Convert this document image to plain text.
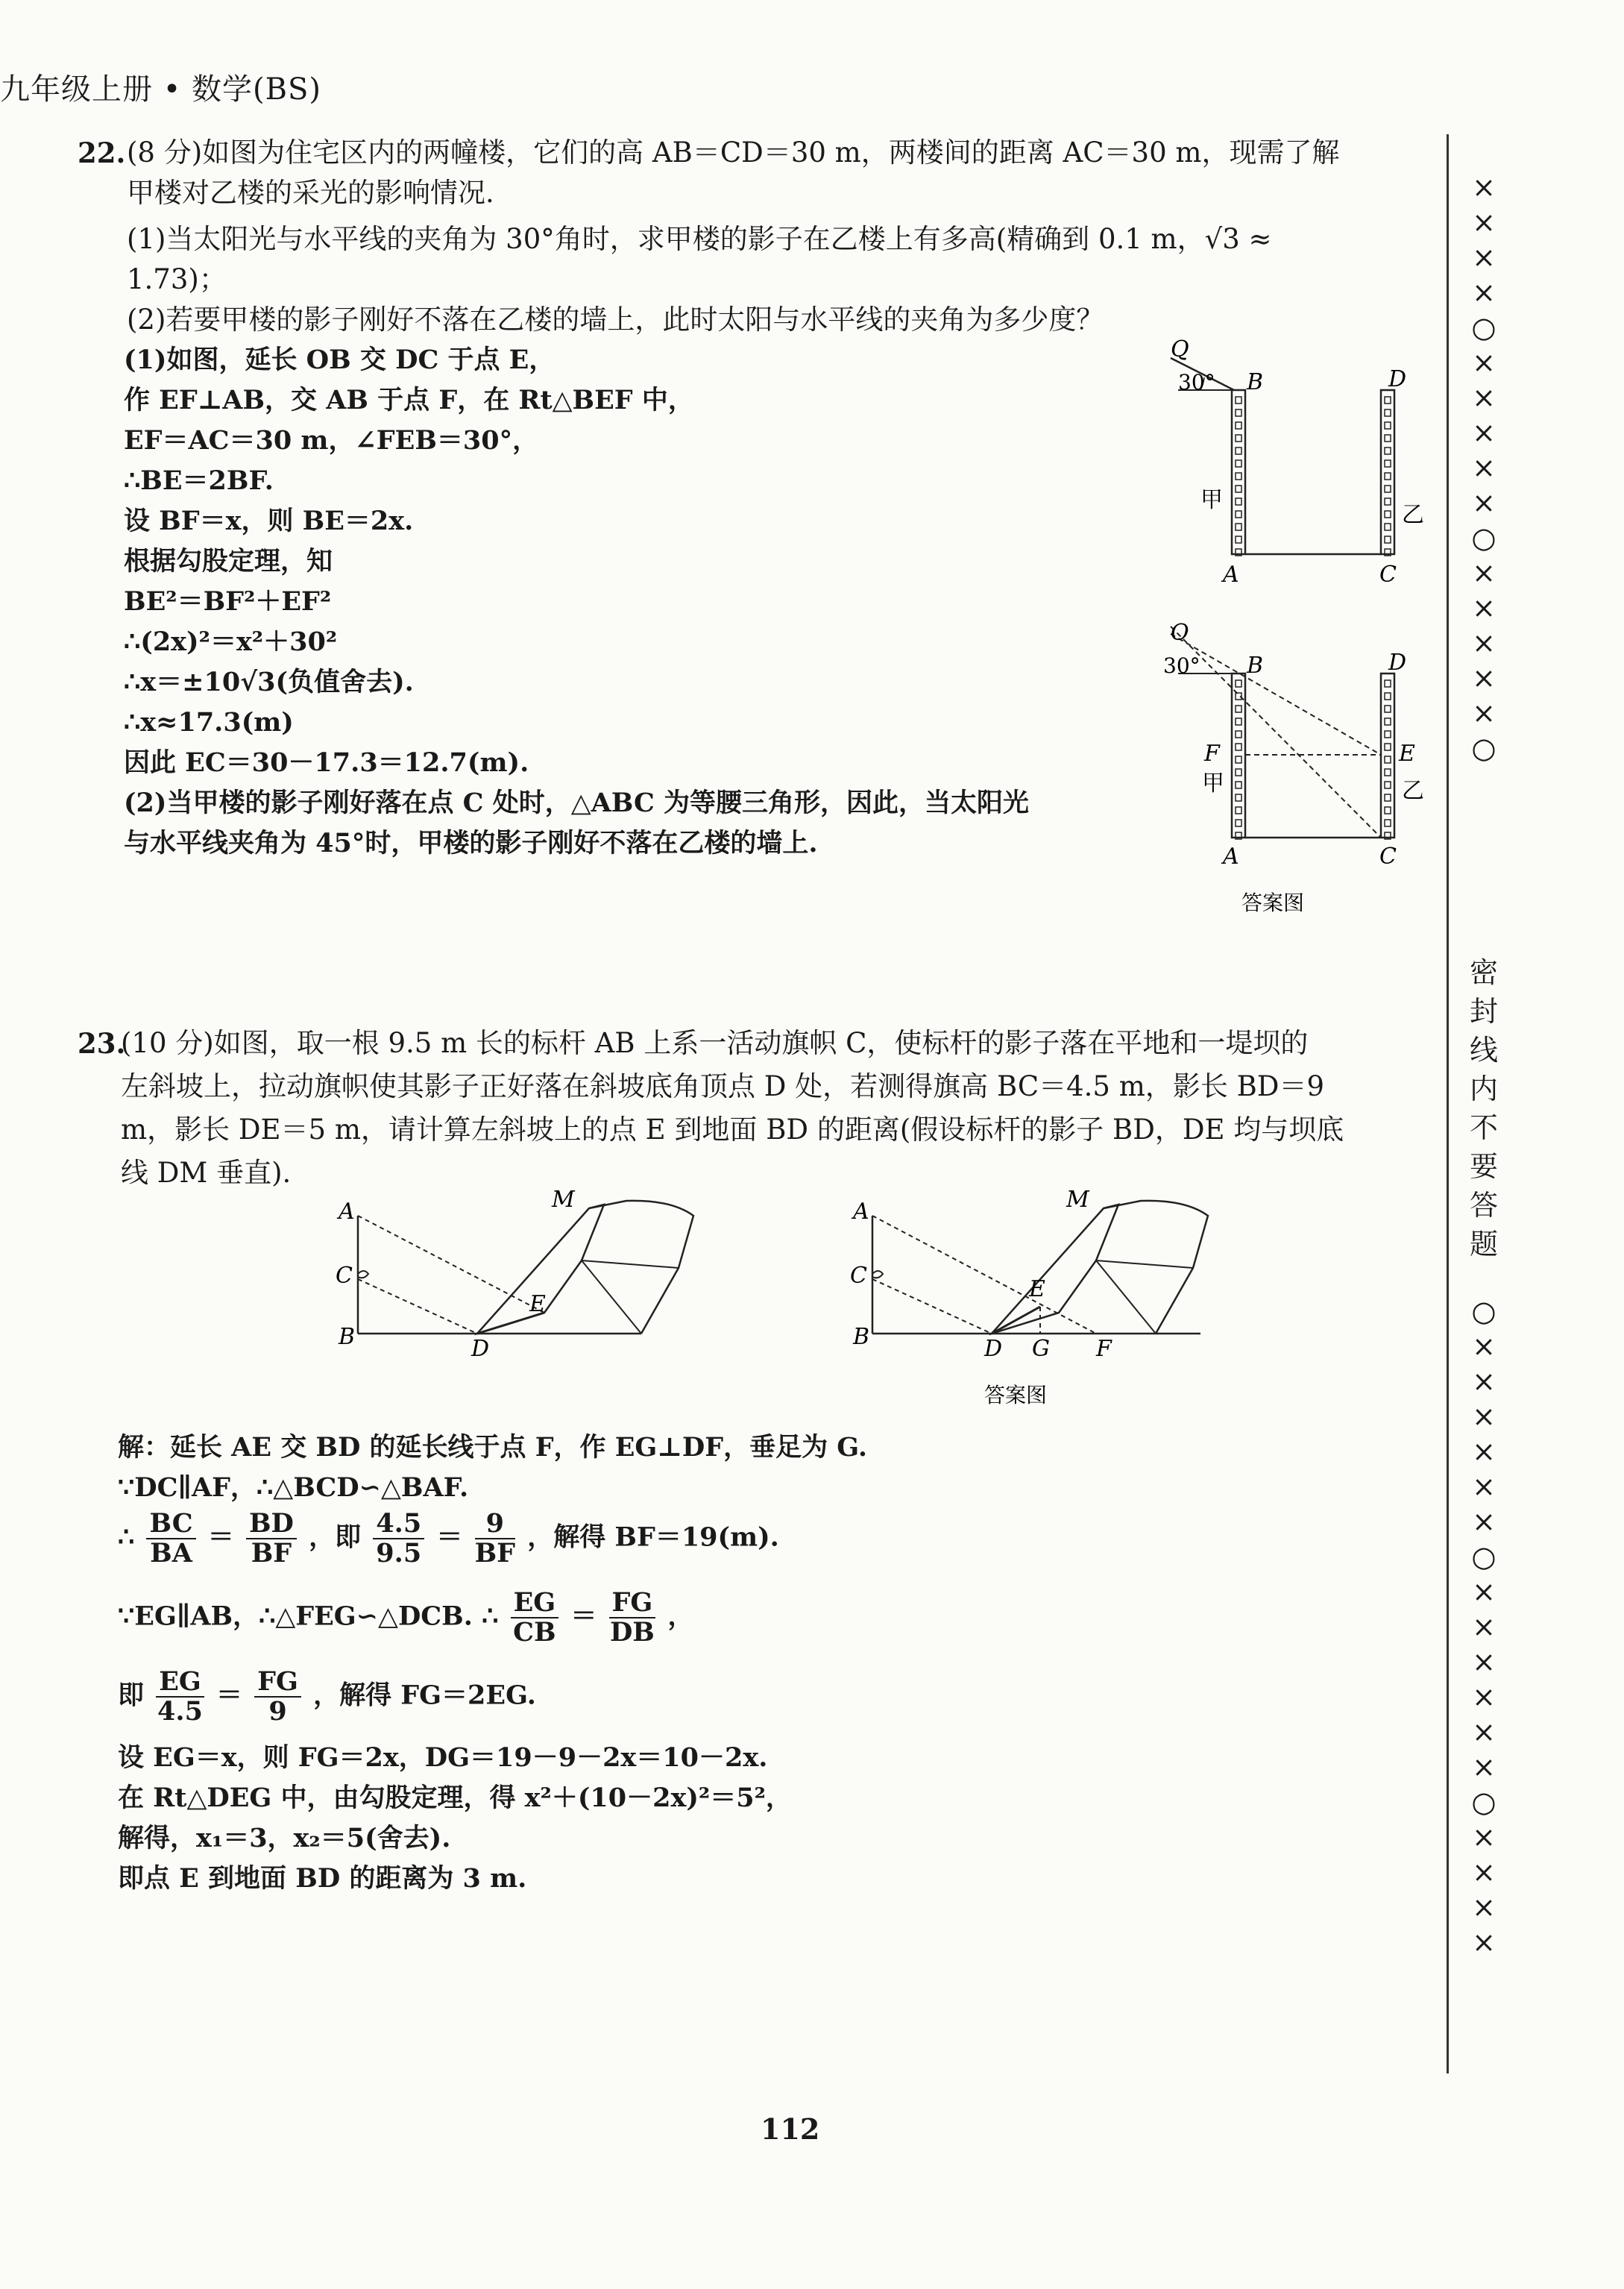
九年级上册 • 数学(BS)
×
×
×
×
○
×
×
×
×
×
○
×
×
×
×
×
○
密
封
线
内
不
要
答
题
○
×
×
×
×
×
×
○
×
×
×
×
×
×
○
×
×
×
×
22. (8 分)如图为住宅区内的两幢楼，它们的高 AB＝CD＝30 m，两楼间的距离 AC＝30 m，现需了解
甲楼对乙楼的采光的影响情况.
(1)当太阳光与水平线的夹角为 30°角时，求甲楼的影子在乙楼上有多高(精确到 0.1 m，√3 ≈
1.73)；
(2)若要甲楼的影子刚好不落在乙楼的墙上，此时太阳与水平线的夹角为多少度？
(1)如图，延长 OB 交 DC 于点 E，
作 EF⊥AB，交 AB 于点 F，在 Rt△BEF 中，
EF＝AC＝30 m，∠FEB＝30°，
∴BE＝2BF.
设 BF＝x，则 BE＝2x.
根据勾股定理，知
BE²＝BF²＋EF²
∴(2x)²＝x²＋30²
∴x＝±10√3(负值舍去).
∴x≈17.3(m)
因此 EC＝30－17.3＝12.7(m).
(2)当甲楼的影子刚好落在点 C 处时，△ABC 为等腰三角形，因此，当太阳光
与水平线夹角为 45°时，甲楼的影子刚好不落在乙楼的墙上.
Q
30° B	D
甲
乙
A	C
O
30° B	D
F
甲
E
乙
A	C
答案图
23.
(10 分)如图，取一根 9.5 m 长的标杆 AB 上系一活动旗帜 C，使标杆的影子落在平地和一堤坝的
左斜坡上，拉动旗帜使其影子正好落在斜坡底角顶点 D 处，若测得旗高 BC＝4.5 m，影长 BD＝9
m，影长 DE＝5 m，请计算左斜坡上的点 E 到地面 BD 的距离(假设标杆的影子 BD，DE 均与坝底
线 DM 垂直).
A
C
B	D
E
M	A
C
B	D
E
G F
M
答案图
解：延长 AE 交 BD 的延长线于点 F，作 EG⊥DF，垂足为 G.
∵DC∥AF，∴△BCD∽△BAF.
∴ $\frac{BC}{BA} = \frac{BD}{BF}$ ，即 $\frac{4.5}{9.5} = \frac{9}{BF}$ ，解得 BF＝19(m).
∵EG∥AB，∴△FEG∽△DCB. ∴ $\frac{EG}{CB} = \frac{FG}{DB}$ ，
即 $\frac{EG}{4.5} = \frac{FG}{9}$ ，解得 FG＝2EG.
设 EG＝x，则 FG＝2x，DG＝19－9－2x＝10－2x.
在 Rt△DEG 中，由勾股定理，得 x²＋(10－2x)²＝5²，
解得，x₁＝3，x₂＝5(舍去).
即点 E 到地面 BD 的距离为 3 m.
112
